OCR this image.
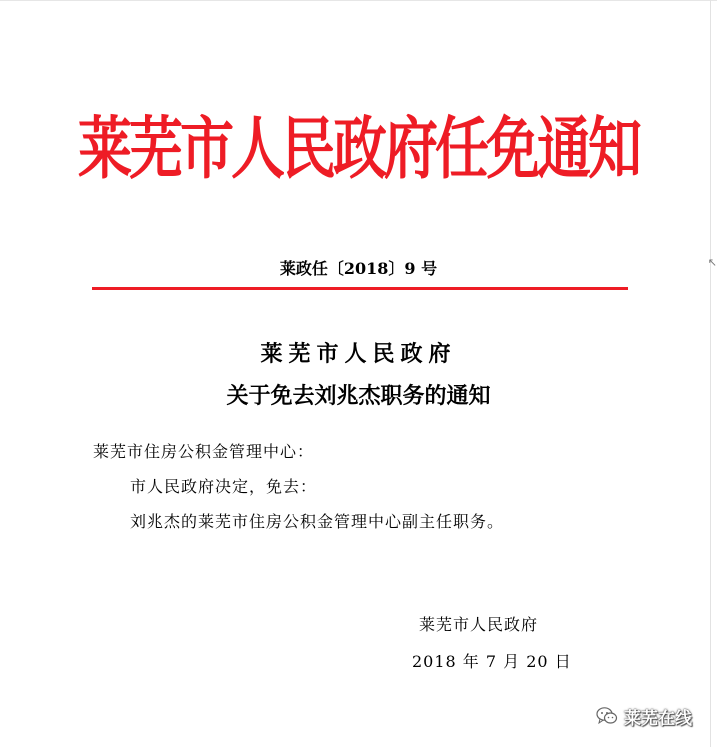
↖
莱芜市人民政府任免通知
莱政任〔2018〕9 号
莱芜市人民政府
关于免去刘兆杰职务的通知
莱芜市住房公积金管理中心：
市人民政府决定，免去：
刘兆杰的莱芜市住房公积金管理中心副主任职务。
莱芜市人民政府
2018 年 7 月 20 日
莱芜在线
